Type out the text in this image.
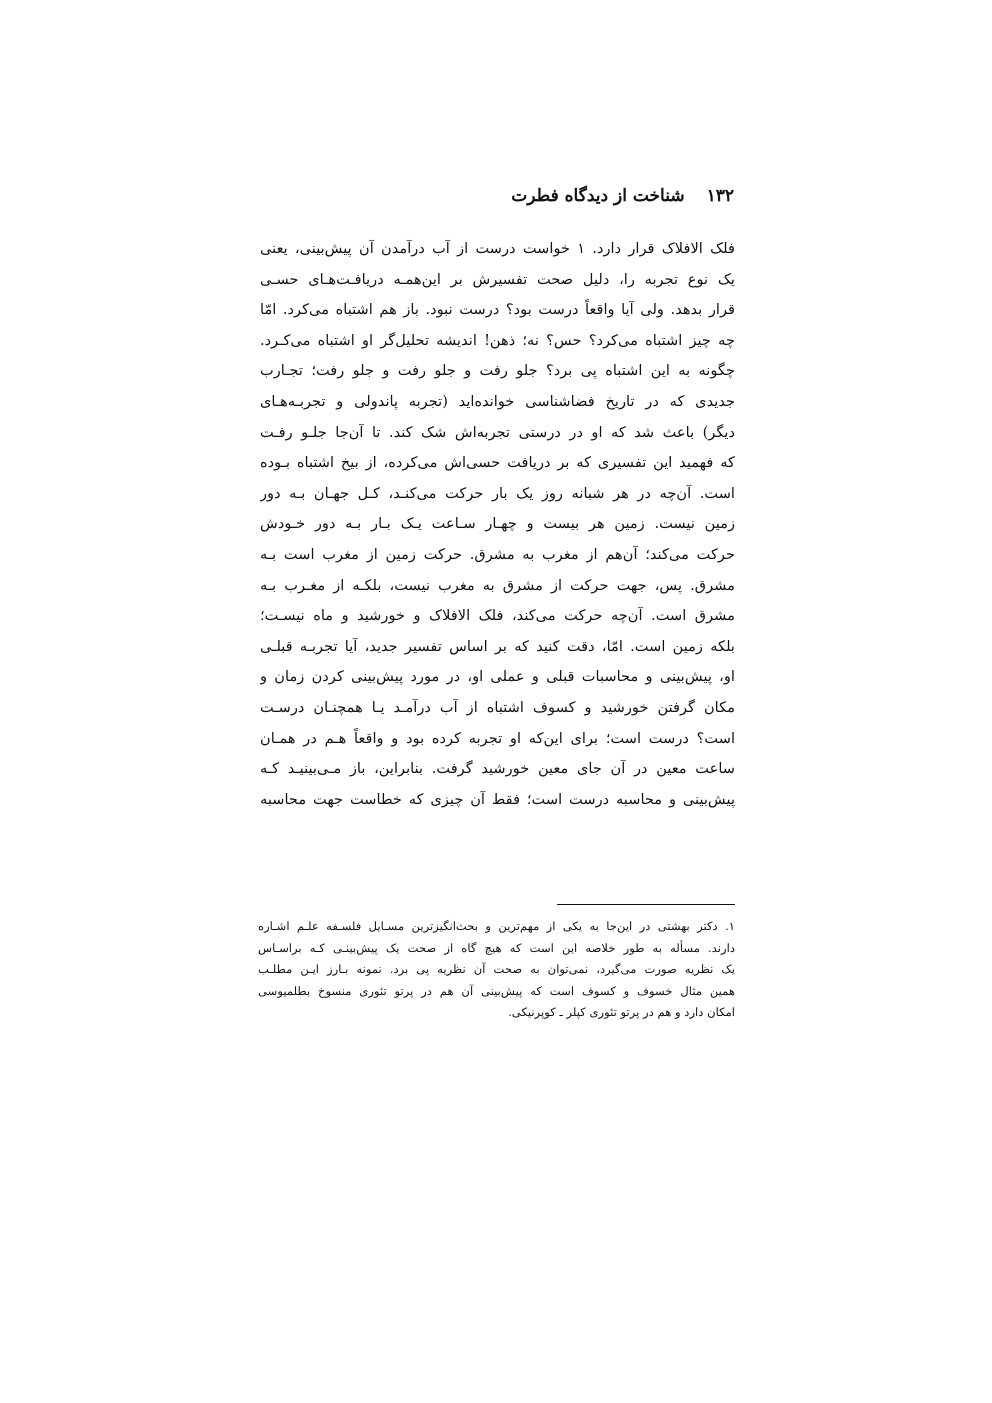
۱۳۲
شناخت از دیدگاه فطرت
فلک الافلاک قرار دارد. ۱ خواست درست از آب درآمدن آن پیش‌بینی، یعنی
یک نوع تجربه را، دلیل صحت تفسیرش بر این‌همـه دریافـت‌هـای حسـی
قرار بدهد. ولی آیا واقعاً درست بود؟ درست نبود. باز هم اشتباه می‌کرد. امّا
چه چیز اشتباه می‌کرد؟ حس؟ نه؛ ذهن! اندیشه تحلیل‌گر او اشتباه می‌کـرد.
چگونه به این اشتباه پی برد؟ جلو رفت و جلو رفت و جلو رفت؛ تجـارب
جدیدی که در تاریخ فضاشناسی خوانده‌اید (تجربه پاندولی و تجربـه‌هـای
دیگر) باعث شد که او در درستی تجربه‌اش شک کند. تا آن‌جا جلـو رفـت
که فهمید این تفسیری که بر دریافت حسی‌اش می‌کرده، از بیخ اشتباه بـوده
است. آن‌چه در هر شبانه روز یک بار حرکت می‌کنـد، کـل جهـان بـه دور
زمین نیست. زمین هر بیست و چهـار سـاعت یـک بـار بـه دور خـودش
حرکت می‌کند؛ آن‌هم از مغرب به مشرق. حرکت زمین از مغرب است بـه
مشرق. پس، جهت حرکت از مشرق به مغرب نیست، بلکـه از مغـرب بـه
مشرق است. آن‌چه حرکت می‌کند، فلک الافلاک و خورشید و ماه نیسـت؛
بلکه زمین است. امّا، دقت کنید که بر اساس تفسیر جدید، آیا تجربـه قبلـی
او، پیش‌بینی و محاسبات قبلی و عملی او، در مورد پیش‌بینی کردن زمان و
مکان گرفتن خورشید و کسوف اشتباه از آب درآمـد یـا همچنـان درسـت
است؟ درست است؛ برای این‌که او تجربه کرده بود و واقعاً هـم در همـان
ساعت معین در آن جای معین خورشید گرفت. بنابراین، باز مـی‌بینیـد کـه
پیش‌بینی و محاسبه درست است؛ فقط آن چیزی که خطاست جهت محاسبه
۱. دکتر بهشتی در این‌جا به یکی از مهم‌ترین و بحث‌انگیزترین مسـایل فلسـفه علـم اشـاره
دارند. مسأله به طور خلاصه این است که هیچ گاه از صحت یک پیش‌بینـی کـه براسـاس
یک نظریه صورت می‌گیرد، نمی‌توان به صحت آن نظریه پی برد. نمونه بـارز ایـن مطلـب
همین مثال خسوف و کسوف است که پیش‌بینی آن هم در پرتو تئوری منسوخ بطلمیوسی
امکان دارد و هم در پرتو تئوری کپلر ـ کوپرنیکی.
